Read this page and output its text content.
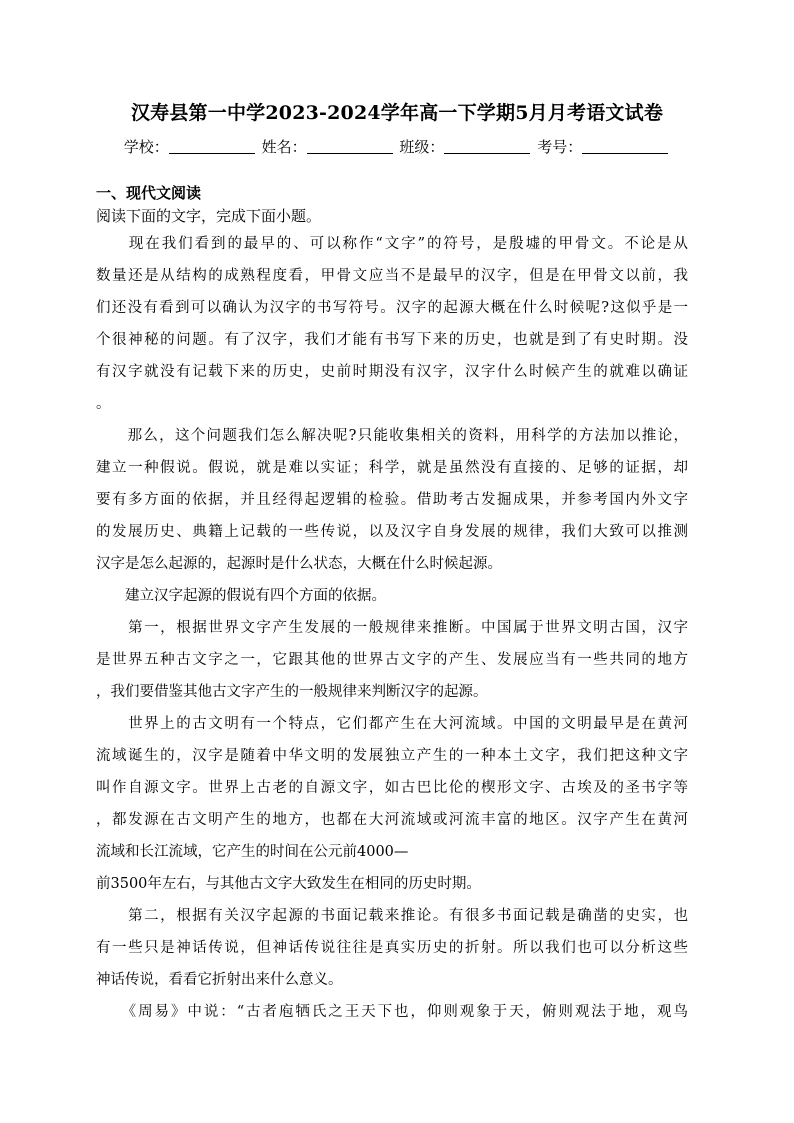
汉寿县第一中学2023-2024学年高一下学期5月月考语文试卷
学校：	姓名：	班级：	考号：
一、现代文阅读
阅读下面的文字，完成下面小题。
　　现在我们看到的最早的、可以称作“文字”的符号，是殷墟的甲骨文。不论是从
数量还是从结构的成熟程度看，甲骨文应当不是最早的汉字，但是在甲骨文以前，我
们还没有看到可以确认为汉字的书写符号。汉字的起源大概在什么时候呢?这似乎是一
个很神秘的问题。有了汉字，我们才能有书写下来的历史，也就是到了有史时期。没
有汉字就没有记载下来的历史，史前时期没有汉字，汉字什么时候产生的就难以确证
。
　　那么，这个问题我们怎么解决呢?只能收集相关的资料，用科学的方法加以推论，
建立一种假说。假说，就是难以实证；科学，就是虽然没有直接的、足够的证据，却
要有多方面的依据，并且经得起逻辑的检验。借助考古发掘成果，并参考国内外文字
的发展历史、典籍上记载的一些传说，以及汉字自身发展的规律，我们大致可以推测
汉字是怎么起源的，起源时是什么状态，大概在什么时候起源。
　　建立汉字起源的假说有四个方面的依据。
　　第一，根据世界文字产生发展的一般规律来推断。中国属于世界文明古国，汉字
是世界五种古文字之一，它跟其他的世界古文字的产生、发展应当有一些共同的地方
，我们要借鉴其他古文字产生的一般规律来判断汉字的起源。
　　世界上的古文明有一个特点，它们都产生在大河流域。中国的文明最早是在黄河
流域诞生的，汉字是随着中华文明的发展独立产生的一种本土文字，我们把这种文字
叫作自源文字。世界上古老的自源文字，如古巴比伦的楔形文字、古埃及的圣书字等
，都发源在古文明产生的地方，也都在大河流域或河流丰富的地区。汉字产生在黄河
流域和长江流域，它产生的时间在公元前4000—
前3500年左右，与其他古文字大致发生在相同的历史时期。
　　第二，根据有关汉字起源的书面记载来推论。有很多书面记载是确凿的史实，也
有一些只是神话传说，但神话传说往往是真实历史的折射。所以我们也可以分析这些
神话传说，看看它折射出来什么意义。
　　《周易》中说：“古者庖牺氏之王天下也，仰则观象于天，俯则观法于地，观鸟
